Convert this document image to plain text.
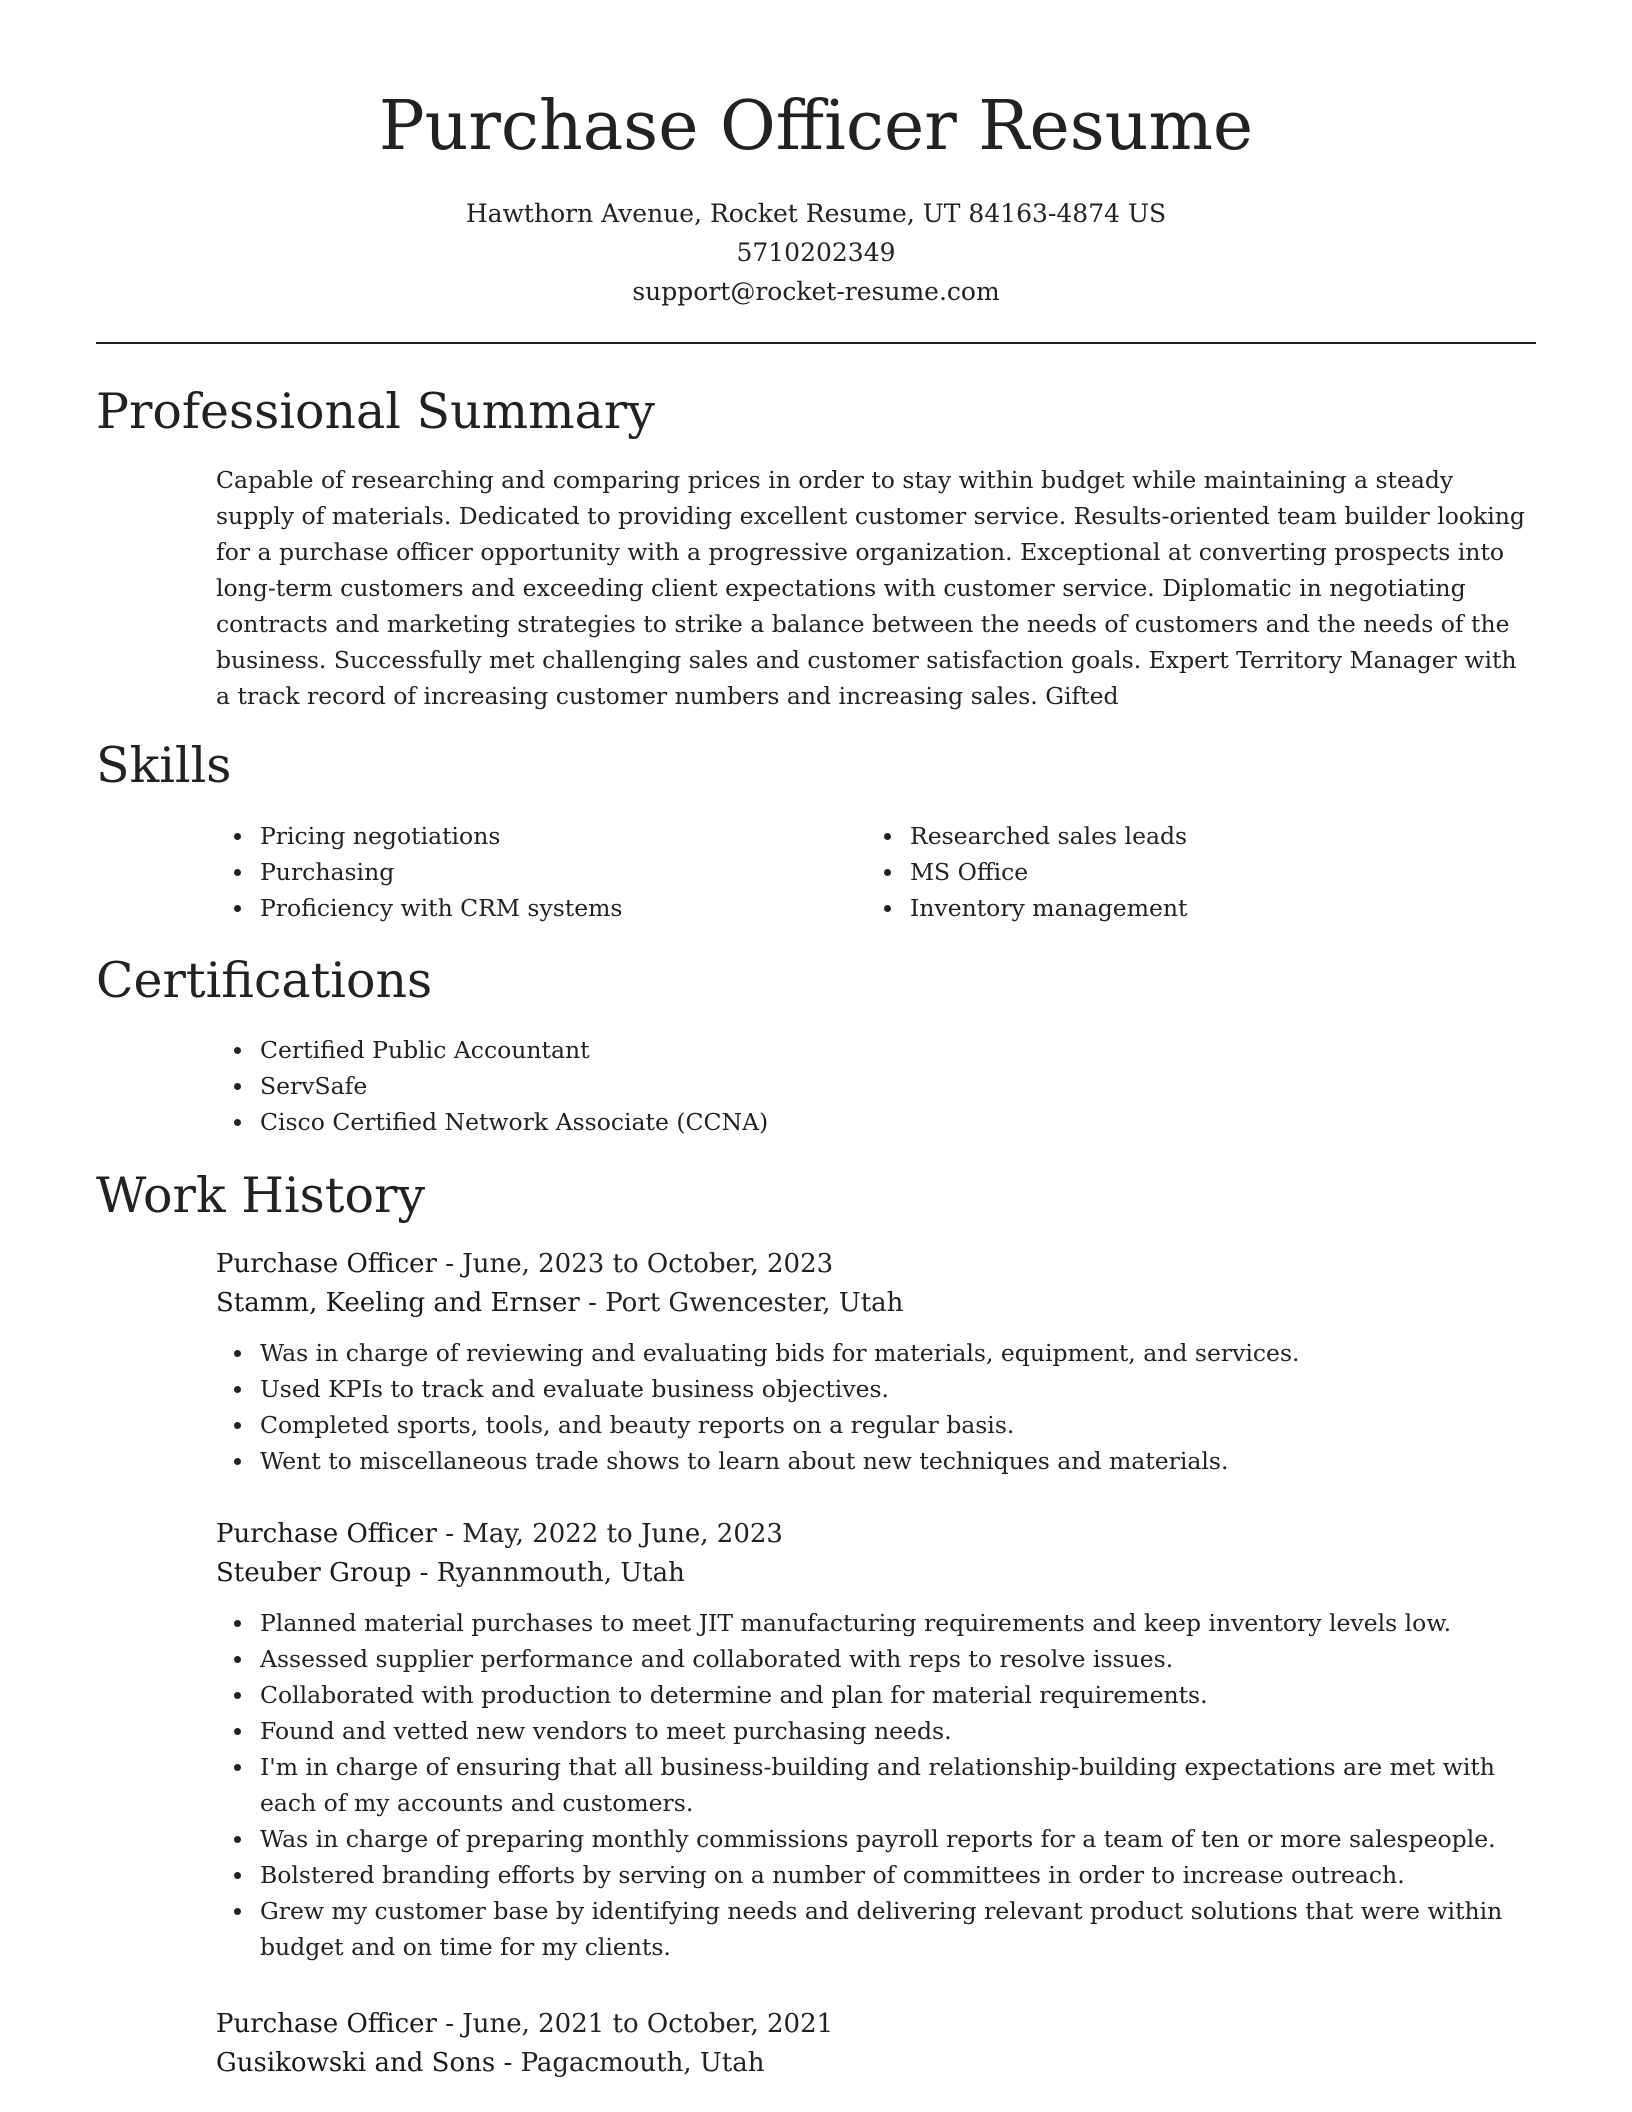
Purchase Officer Resume
Hawthorn Avenue, Rocket Resume, UT 84163-4874 US
5710202349
support@rocket-resume.com
Professional Summary

Capable of researching and comparing prices in order to stay within budget while maintaining a steady supply of materials. Dedicated to providing excellent customer service. Results-oriented team builder looking for a purchase officer opportunity with a progressive organization. Exceptional at converting prospects into long-term customers and exceeding client expectations with customer service. Diplomatic in negotiating contracts and marketing strategies to strike a balance between the needs of customers and the needs of the business. Successfully met challenging sales and customer satisfaction goals. Expert Territory Manager with a track record of increasing customer numbers and increasing sales. Gifted

Skills
Pricing negotiations
Purchasing
Proficiency with CRM systems
Researched sales leads
MS Office
Inventory management
Certifications
Certified Public Accountant
ServSafe
Cisco Certified Network Associate (CCNA)
Work History
Purchase Officer - June, 2023 to October, 2023
Stamm, Keeling and Ernser - Port Gwencester, Utah
Was in charge of reviewing and evaluating bids for materials, equipment, and services.
Used KPIs to track and evaluate business objectives.
Completed sports, tools, and beauty reports on a regular basis.
Went to miscellaneous trade shows to learn about new techniques and materials.
Purchase Officer - May, 2022 to June, 2023
Steuber Group - Ryannmouth, Utah
Planned material purchases to meet JIT manufacturing requirements and keep inventory levels low.
Assessed supplier performance and collaborated with reps to resolve issues.
Collaborated with production to determine and plan for material requirements.
Found and vetted new vendors to meet purchasing needs.
I'm in charge of ensuring that all business-building and relationship-building expectations are met with each of my accounts and customers.
Was in charge of preparing monthly commissions payroll reports for a team of ten or more salespeople.
Bolstered branding efforts by serving on a number of committees in order to increase outreach.
Grew my customer base by identifying needs and delivering relevant product solutions that were within budget and on time for my clients.
Purchase Officer - June, 2021 to October, 2021
Gusikowski and Sons - Pagacmouth, Utah
